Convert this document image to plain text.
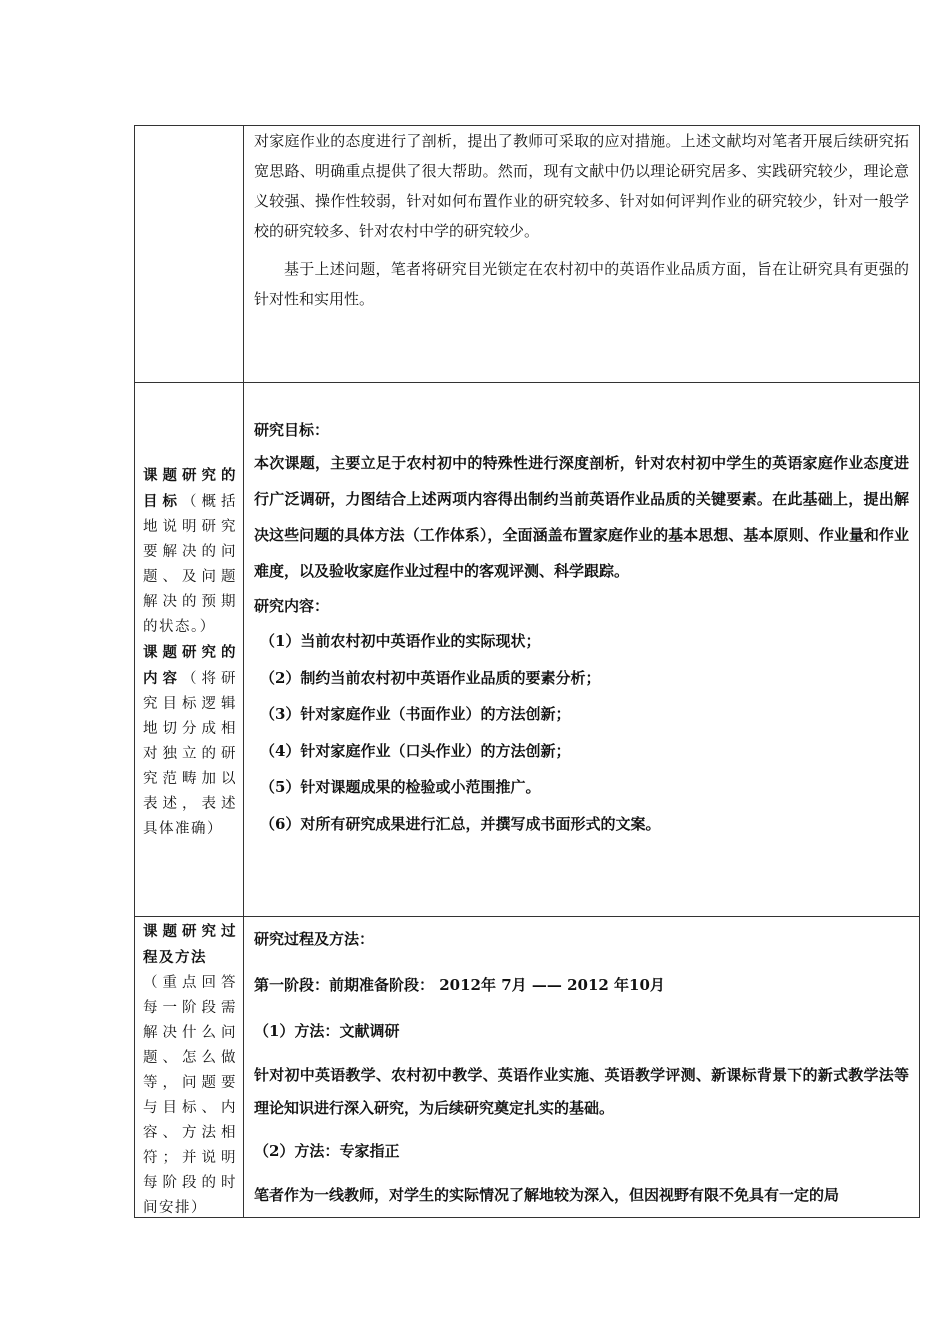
对家庭作业的态度进行了剖析，提出了教师可采取的应对措施。上述文献均对笔者开展后续研究拓宽思路、明确重点提供了很大帮助。然而，现有文献中仍以理论研究居多、实践研究较少，理论意义较强、操作性较弱，针对如何布置作业的研究较多、针对如何评判作业的研究较少，针对一般学校的研究较多、针对农村中学的研究较少。

基于上述问题，笔者将研究目光锁定在农村初中的英语作业品质方面，旨在让研究具有更强的针对性和实用性。

课题研究的目标（概括地说明研究要解决的问题、及问题解决的预期的状态。）
课题研究的内容（将研究目标逻辑地切分成相对独立的研究范畴加以表述，表述具体准确）

研究目标：

本次课题，主要立足于农村初中的特殊性进行深度剖析，针对农村初中学生的英语家庭作业态度进行广泛调研，力图结合上述两项内容得出制约当前英语作业品质的关键要素。在此基础上，提出解决这些问题的具体方法（工作体系），全面涵盖布置家庭作业的基本思想、基本原则、作业量和作业难度，以及验收家庭作业过程中的客观评测、科学跟踪。

研究内容：

（1）当前农村初中英语作业的实际现状；

（2）制约当前农村初中英语作业品质的要素分析；

（3）针对家庭作业（书面作业）的方法创新；

（4）针对家庭作业（口头作业）的方法创新；

（5）针对课题成果的检验或小范围推广。

（6）对所有研究成果进行汇总，并撰写成书面形式的文案。

课题研究过程及方法
（重点回答每一阶段需解决什么问题、怎么做等，问题要与目标、内容、方法相符；并说明每阶段的时间安排）

研究过程及方法：

第一阶段：前期准备阶段： 2012年 7月 —— 2012 年10月

（1）方法：文献调研

针对初中英语教学、农村初中教学、英语作业实施、英语教学评测、新课标背景下的新式教学法等理论知识进行深入研究，为后续研究奠定扎实的基础。

（2）方法：专家指正

笔者作为一线教师，对学生的实际情况了解地较为深入，但因视野有限不免具有一定的局
